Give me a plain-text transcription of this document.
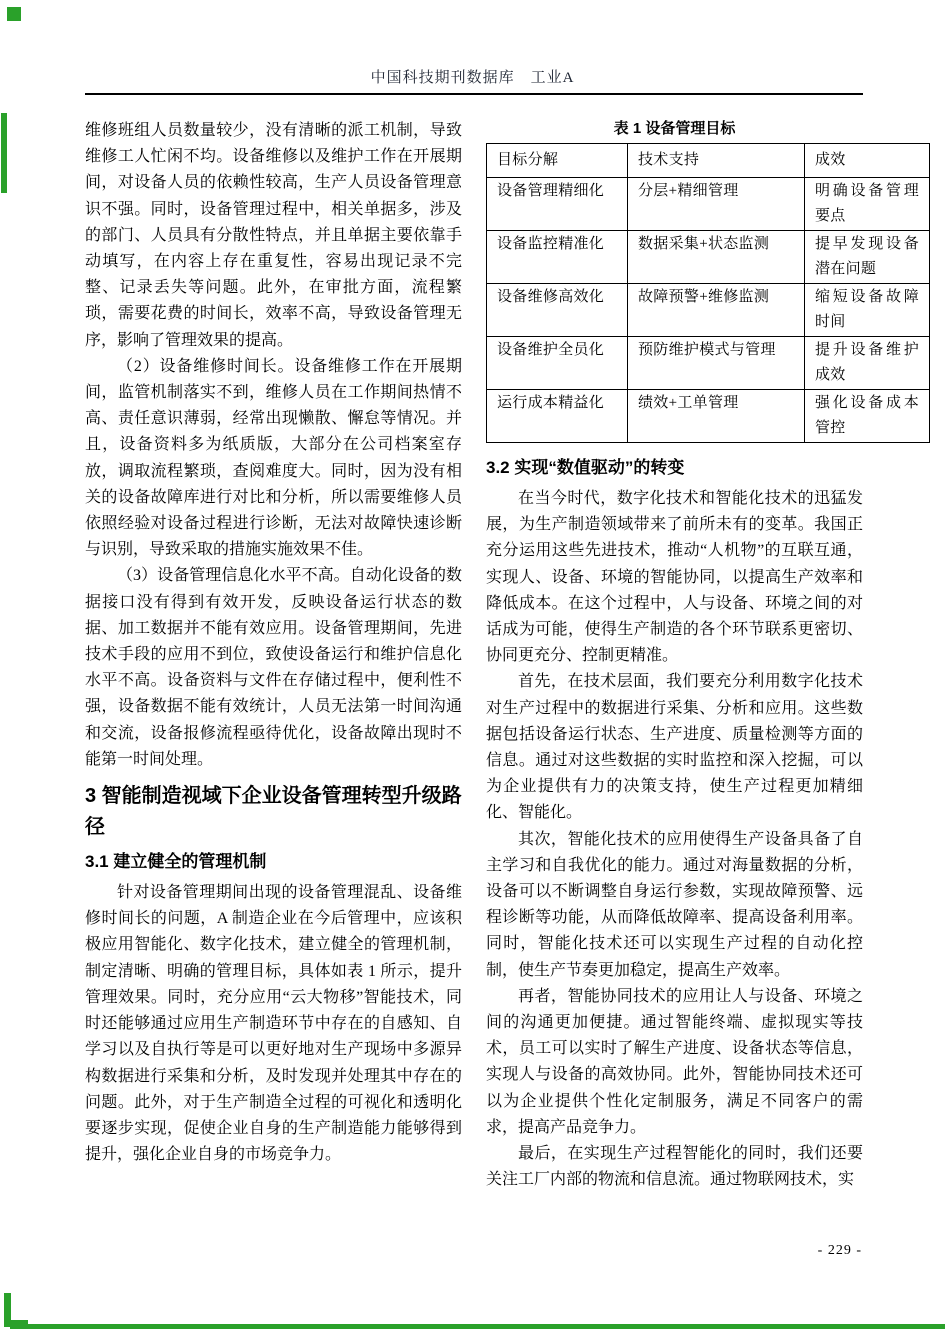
中国科技期刊数据库　工业A

维修班组人员数量较少，没有清晰的派工机制，导致维修工人忙闲不均。设备维修以及维护工作在开展期间，对设备人员的依赖性较高，生产人员设备管理意识不强。同时，设备管理过程中，相关单据多，涉及的部门、人员具有分散性特点，并且单据主要依靠手动填写，在内容上存在重复性，容易出现记录不完整、记录丢失等问题。此外，在审批方面，流程繁琐，需要花费的时间长，效率不高，导致设备管理无序，影响了管理效果的提高。

（2）设备维修时间长。设备维修工作在开展期间，监管机制落实不到，维修人员在工作期间热情不高、责任意识薄弱，经常出现懒散、懈怠等情况。并且，设备资料多为纸质版，大部分在公司档案室存放，调取流程繁琐，查阅难度大。同时，因为没有相关的设备故障库进行对比和分析，所以需要维修人员依照经验对设备过程进行诊断，无法对故障快速诊断与识别，导致采取的措施实施效果不佳。

（3）设备管理信息化水平不高。自动化设备的数据接口没有得到有效开发，反映设备运行状态的数据、加工数据并不能有效应用。设备管理期间，先进技术手段的应用不到位，致使设备运行和维护信息化水平不高。设备资料与文件在存储过程中，便利性不强，设备数据不能有效统计，人员无法第一时间沟通和交流，设备报修流程亟待优化，设备故障出现时不能第一时间处理。

3 智能制造视域下企业设备管理转型升级路径
3.1 建立健全的管理机制

针对设备管理期间出现的设备管理混乱、设备维修时间长的问题，A 制造企业在今后管理中，应该积极应用智能化、数字化技术，建立健全的管理机制，制定清晰、明确的管理目标，具体如表 1 所示，提升管理效果。同时，充分应用“云大物移”智能技术，同时还能够通过应用生产制造环节中存在的自感知、自学习以及自执行等是可以更好地对生产现场中多源异构数据进行采集和分析，及时发现并处理其中存在的问题。此外，对于生产制造全过程的可视化和透明化要逐步实现，促使企业自身的生产制造能力能够得到提升，强化企业自身的市场竞争力。

表 1 设备管理目标
目标分解	技术支持	成效
设备管理精细化	分层+精细管理	明确设备管理要点
设备监控精准化	数据采集+状态监测	提早发现设备潜在问题
设备维修高效化	故障预警+维修监测	缩短设备故障时间
设备维护全员化	预防维护模式与管理	提升设备维护成效
运行成本精益化	绩效+工单管理	强化设备成本管控
3.2 实现“数值驱动”的转变

在当今时代，数字化技术和智能化技术的迅猛发展，为生产制造领域带来了前所未有的变革。我国正充分运用这些先进技术，推动“人机物”的互联互通，实现人、设备、环境的智能协同，以提高生产效率和降低成本。在这个过程中，人与设备、环境之间的对话成为可能，使得生产制造的各个环节联系更密切、协同更充分、控制更精准。

首先，在技术层面，我们要充分利用数字化技术对生产过程中的数据进行采集、分析和应用。这些数据包括设备运行状态、生产进度、质量检测等方面的信息。通过对这些数据的实时监控和深入挖掘，可以为企业提供有力的决策支持，使生产过程更加精细化、智能化。

其次，智能化技术的应用使得生产设备具备了自主学习和自我优化的能力。通过对海量数据的分析，设备可以不断调整自身运行参数，实现故障预警、远程诊断等功能，从而降低故障率、提高设备利用率。同时，智能化技术还可以实现生产过程的自动化控制，使生产节奏更加稳定，提高生产效率。

再者，智能协同技术的应用让人与设备、环境之间的沟通更加便捷。通过智能终端、虚拟现实等技术，员工可以实时了解生产进度、设备状态等信息，实现人与设备的高效协同。此外，智能协同技术还可以为企业提供个性化定制服务，满足不同客户的需求，提高产品竞争力。

最后，在实现生产过程智能化的同时，我们还要关注工厂内部的物流和信息流。通过物联网技术，实

- 229 -
